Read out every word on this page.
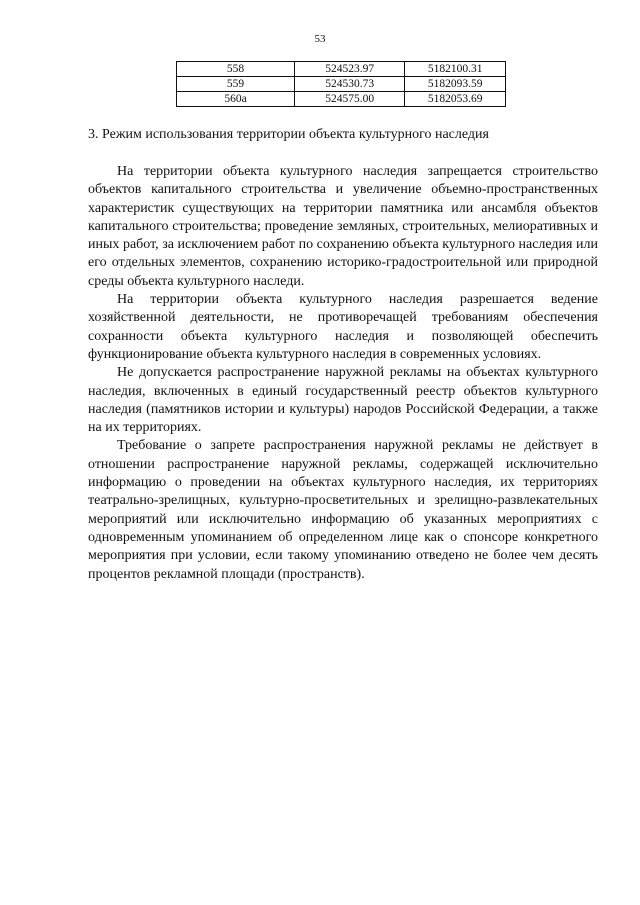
53
558	524523.97	5182100.31
559	524530.73	5182093.59
560а	524575.00	5182053.69
3. Режим использования территории объекта культурного наследия

На территории объекта культурного наследия запрещается строительство объектов капитального строительства и увеличение объемно-пространственных характеристик существующих на территории памятника или ансамбля объектов капитального строительства; проведение земляных, строительных, мелиоративных и иных работ, за исключением работ по сохранению объекта культурного наследия или его отдельных элементов, сохранению историко-градостроительной или природной среды объекта культурного наследи.

На территории объекта культурного наследия разрешается ведение хозяйственной деятельности, не противоречащей требованиям обеспечения сохранности объекта культурного наследия и позволяющей обеспечить функционирование объекта культурного наследия в современных условиях.

Не допускается распространение наружной рекламы на объектах культурного наследия, включенных в единый государственный реестр объектов культурного наследия (памятников истории и культуры) народов Российской Федерации, а также на их территориях.

Требование о запрете распространения наружной рекламы не действует в отношении распространение наружной рекламы, содержащей исключительно информацию о проведении на объектах культурного наследия, их территориях театрально-зрелищных, культурно-просветительных и зрелищно-развлекательных мероприятий или исключительно информацию об указанных мероприятиях с одновременным упоминанием об определенном лице как о спонсоре конкретного мероприятия при условии, если такому упоминанию отведено не более чем десять процентов рекламной площади (пространств).
